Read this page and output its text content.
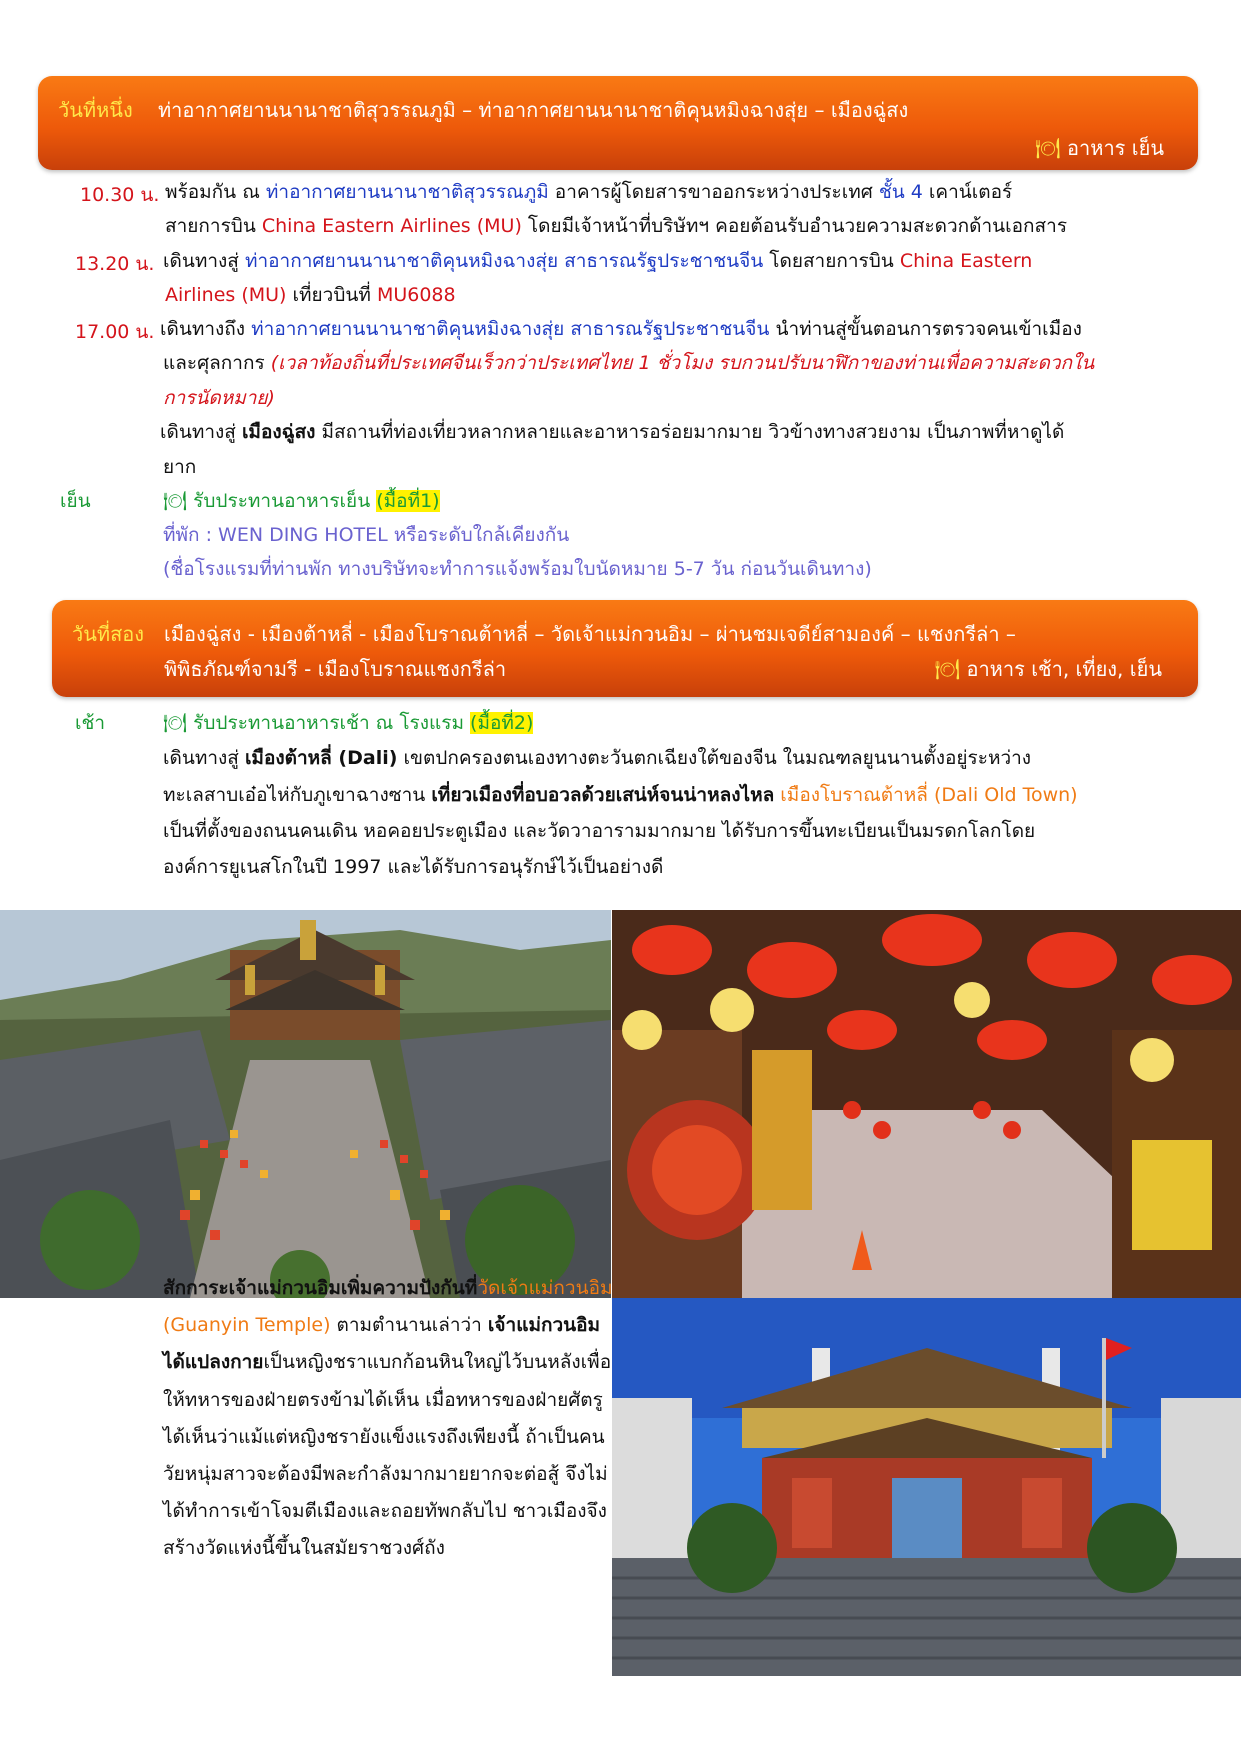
วันที่หนึ่ง ท่าอากาศยานนานาชาติสุวรรณภูมิ – ท่าอากาศยานนานาชาติคุนหมิงฉางสุ่ย – เมืองฉู่สง
🍽 อาหาร เย็น
10.30 น. พร้อมกัน ณ ท่าอากาศยานนานาชาติสุวรรณภูมิ อาคารผู้โดยสารขาออกระหว่างประเทศ ชั้น 4 เคาน์เตอร์
สายการบิน China Eastern Airlines (MU) โดยมีเจ้าหน้าที่บริษัทฯ คอยต้อนรับอำนวยความสะดวกด้านเอกสาร
13.20 น. เดินทางสู่ ท่าอากาศยานนานาชาติคุนหมิงฉางสุ่ย สาธารณรัฐประชาชนจีน โดยสายการบิน China Eastern
Airlines (MU) เที่ยวบินที่ MU6088
17.00 น. เดินทางถึง ท่าอากาศยานนานาชาติคุนหมิงฉางสุ่ย สาธารณรัฐประชาชนจีน นำท่านสู่ขั้นตอนการตรวจคนเข้าเมือง
และศุลกากร (เวลาท้องถิ่นที่ประเทศจีนเร็วกว่าประเทศไทย 1 ชั่วโมง รบกวนปรับนาฬิกาของท่านเพื่อความสะดวกใน
การนัดหมาย)
เดินทางสู่ เมืองฉู่สง มีสถานที่ท่องเที่ยวหลากหลายและอาหารอร่อยมากมาย วิวข้างทางสวยงาม เป็นภาพที่หาดูได้
ยาก
เย็น	🍽 รับประทานอาหารเย็น (มื้อที่1)
ที่พัก : WEN DING HOTEL หรือระดับใกล้เคียงกัน
(ชื่อโรงแรมที่ท่านพัก ทางบริษัทจะทำการแจ้งพร้อมใบนัดหมาย 5-7 วัน ก่อนวันเดินทาง)
วันที่สอง เมืองฉู่สง - เมืองต้าหลี่ - เมืองโบราณต้าหลี่ – วัดเจ้าแม่กวนอิม – ผ่านชมเจดีย์สามองค์ – แชงกรีล่า –
พิพิธภัณฑ์จามรี - เมืองโบราณแชงกรีล่า	🍽 อาหาร เช้า, เที่ยง, เย็น
เช้า	🍽 รับประทานอาหารเช้า ณ โรงแรม (มื้อที่2)
เดินทางสู่ เมืองต้าหลี่ (Dali) เขตปกครองตนเองทางตะวันตกเฉียงใต้ของจีน ในมณฑลยูนนานตั้งอยู่ระหว่าง
ทะเลสาบเอ๋อไห่กับภูเขาฉางซาน เที่ยวเมืองที่อบอวลด้วยเสน่ห์จนน่าหลงไหล เมืองโบราณต้าหลี่ (Dali Old Town)
เป็นที่ตั้งของถนนคนเดิน หอคอยประตูเมือง และวัดวาอารามมากมาย ได้รับการขึ้นทะเบียนเป็นมรดกโลกโดย
องค์การยูเนสโกในปี 1997 และได้รับการอนุรักษ์ไว้เป็นอย่างดี
สักการะเจ้าแม่กวนอิมเพิ่มความปังกันที่วัดเจ้าแม่กวนอิม (Guanyin Temple) ตามตำนานเล่าว่า เจ้าแม่กวนอิมได้แปลงกายเป็นหญิงชราแบกก้อนหินใหญ่ไว้บนหลังเพื่อให้ทหารของฝ่ายตรงข้ามได้เห็น เมื่อทหารของฝ่ายศัตรูได้เห็นว่าแม้แต่หญิงชรายังแข็งแรงถึงเพียงนี้ ถ้าเป็นคนวัยหนุ่มสาวจะต้องมีพละกำลังมากมายยากจะต่อสู้ จึงไม่ได้ทำการเข้าโจมตีเมืองและถอยทัพกลับไป ชาวเมืองจึงสร้างวัดแห่งนี้ขึ้นในสมัยราชวงศ์ถัง
